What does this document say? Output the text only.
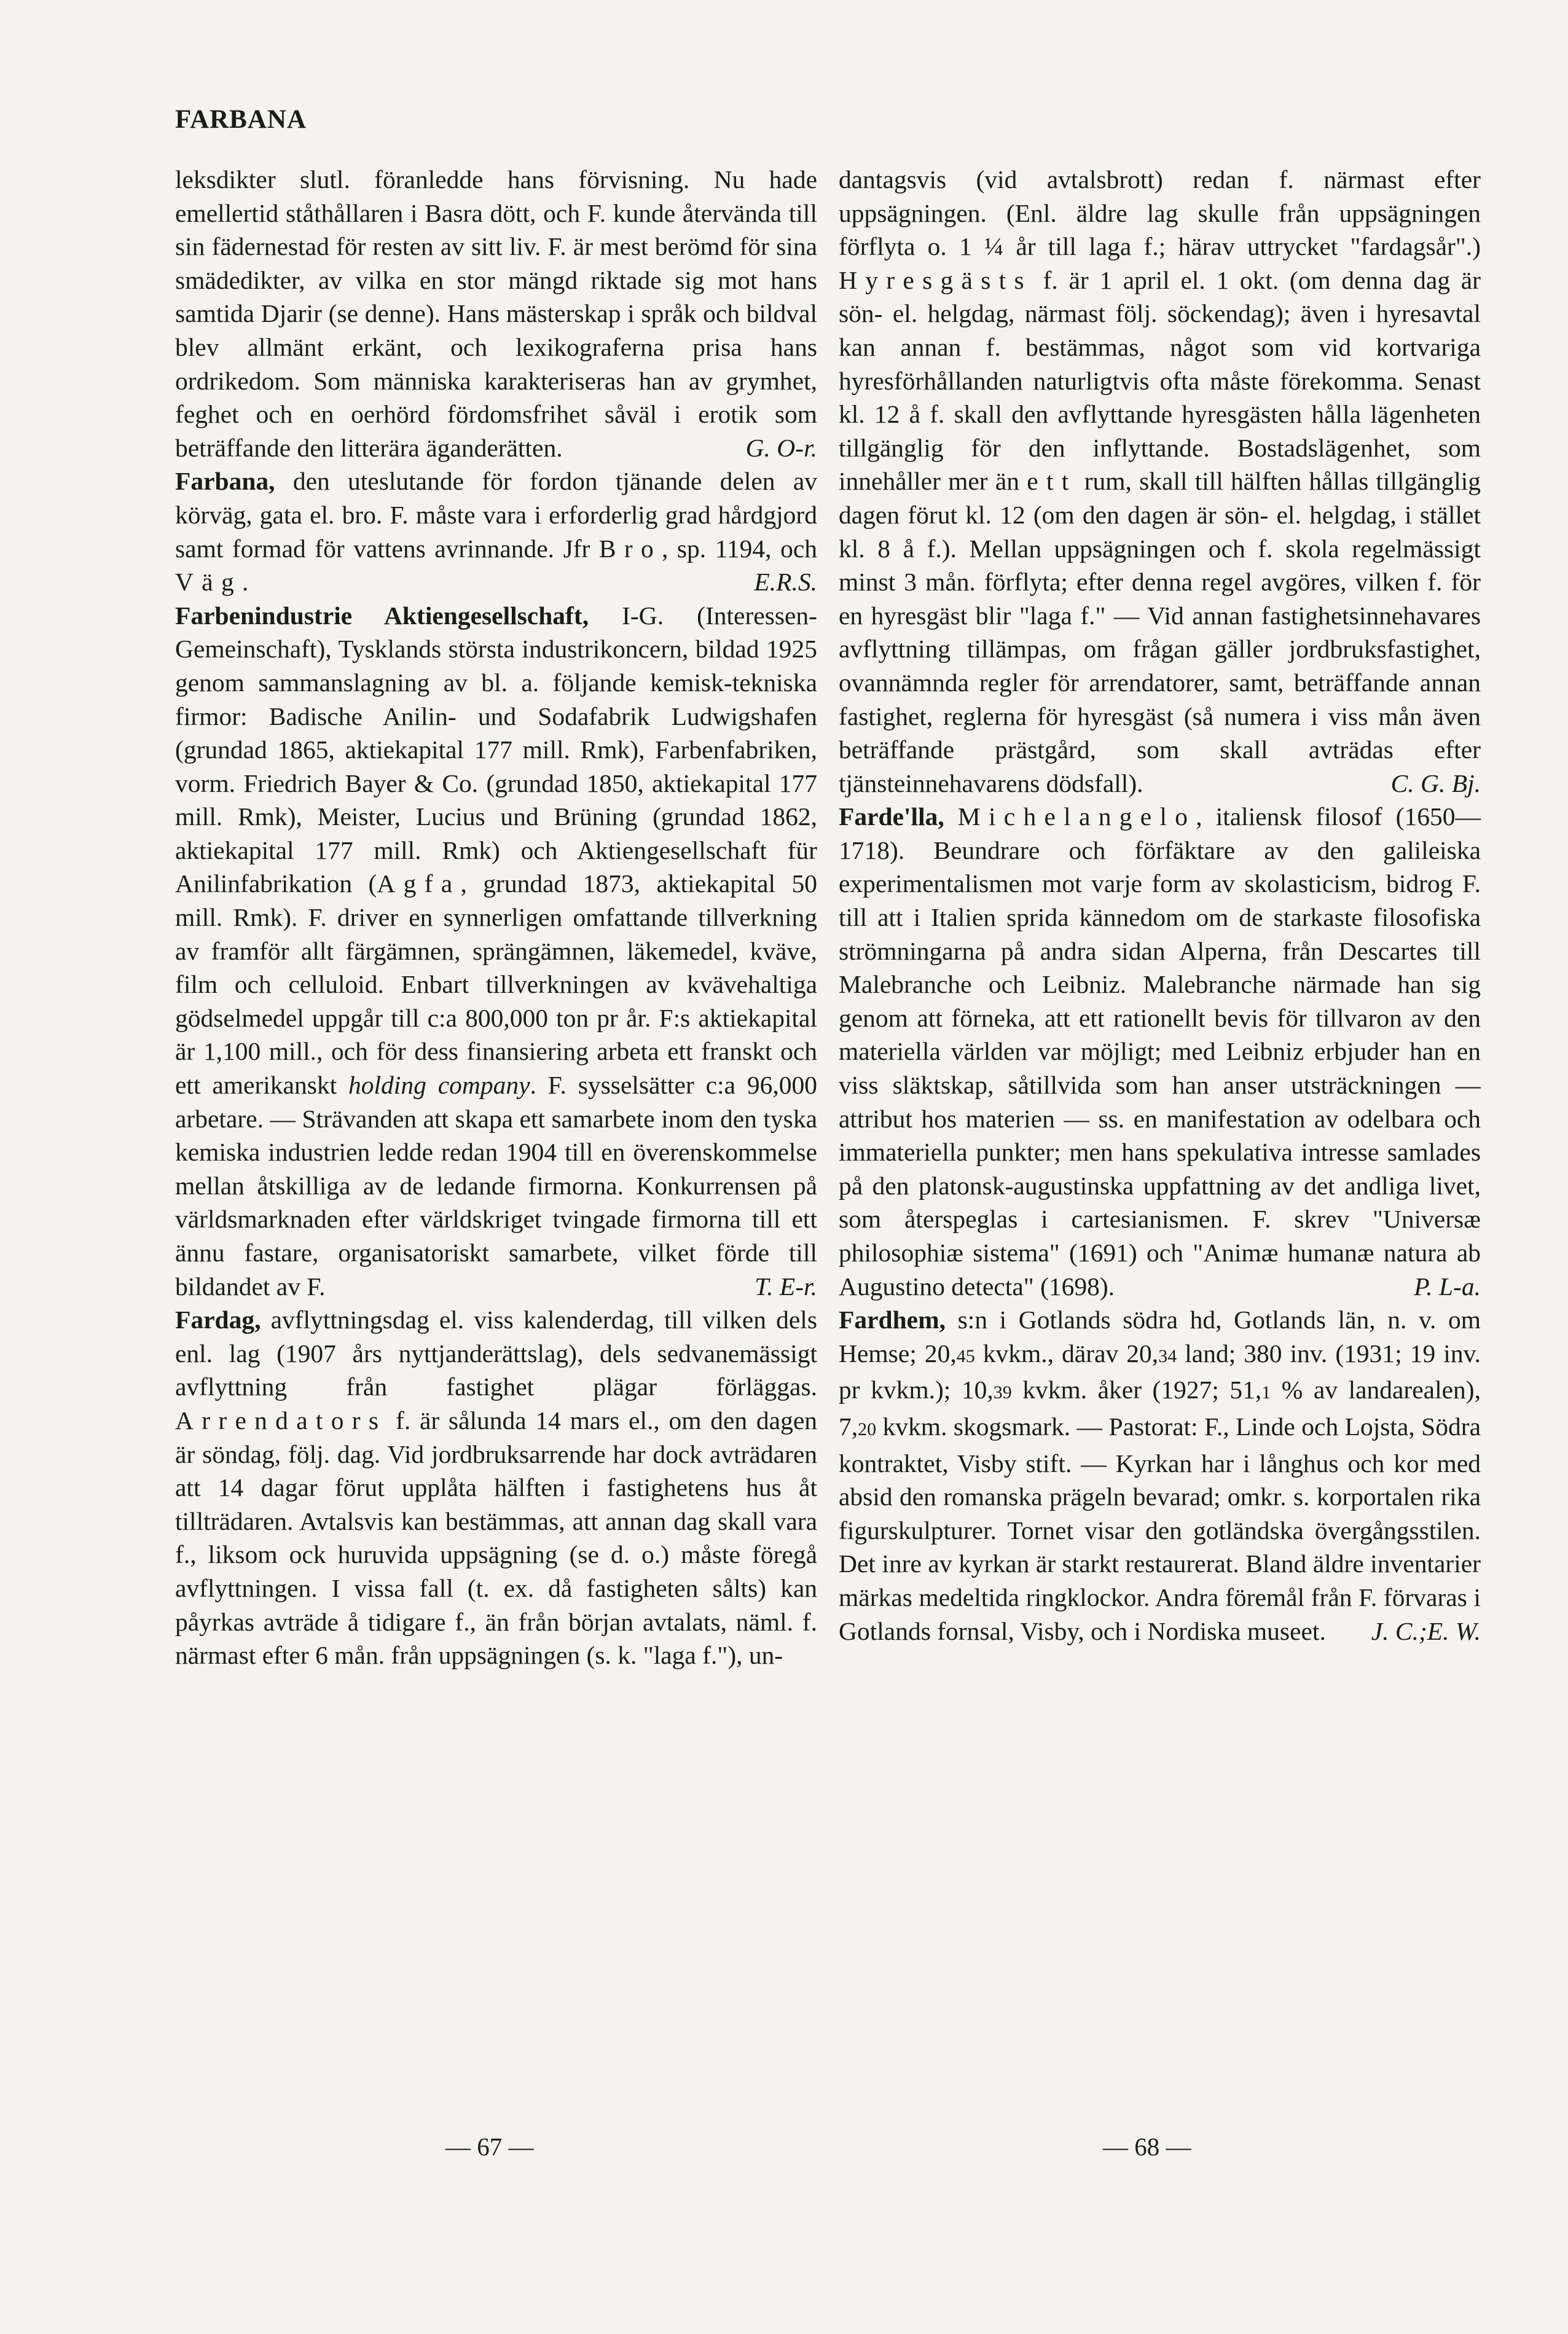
FARBANA

leksdikter slutl. föranledde hans förvisning. Nu hade emellertid ståthållaren i Basra dött, och F. kunde återvända till sin fädernestad för resten av sitt liv. F. är mest berömd för sina smädedikter, av vilka en stor mängd riktade sig mot hans samtida Djarir (se denne). Hans mästerskap i språk och bildval blev allmänt erkänt, och lexikograferna prisa hans ordrikedom. Som människa karakteriseras han av grymhet, feghet och en oerhörd fördomsfrihet såväl i erotik som beträffande den litterära äganderätten.	G. O-r.

Farbana, den uteslutande för fordon tjänande delen av körväg, gata el. bro. F. måste vara i erforderlig grad hårdgjord samt formad för vattens avrinnande. Jfr Bro, sp. 1194, och Väg.	E.R.S.

Farbenindustrie Aktiengesellschaft, I-G. (Interessen-Gemeinschaft), Tysklands största industrikoncern, bildad 1925 genom sammanslagning av bl. a. följande kemisk-tekniska firmor: Badische Anilin- und Sodafabrik Ludwigshafen (grundad 1865, aktiekapital 177 mill. Rmk), Farbenfabriken, vorm. Friedrich Bayer & Co. (grundad 1850, aktiekapital 177 mill. Rmk), Meister, Lucius und Brüning (grundad 1862, aktiekapital 177 mill. Rmk) och Aktiengesellschaft für Anilinfabrikation (Agfa, grundad 1873, aktiekapital 50 mill. Rmk). F. driver en synnerligen omfattande tillverkning av framför allt färgämnen, sprängämnen, läkemedel, kväve, film och celluloid. Enbart tillverkningen av kvävehaltiga gödselmedel uppgår till c:a 800,000 ton pr år. F:s aktiekapital är 1,100 mill., och för dess finansiering arbeta ett franskt och ett amerikanskt holding company. F. sysselsätter c:a 96,000 arbetare. — Strävanden att skapa ett samarbete inom den tyska kemiska industrien ledde redan 1904 till en överenskommelse mellan åtskilliga av de ledande firmorna. Konkurrensen på världsmarknaden efter världskriget tvingade firmorna till ett ännu fastare, organisatoriskt samarbete, vilket förde till bildandet av F.	T. E-r.

Fardag, avflyttningsdag el. viss kalenderdag, till vilken dels enl. lag (1907 års nyttjanderättslag), dels sedvanemässigt avflyttning från fastighet plägar förläggas. Arrendators f. är sålunda 14 mars el., om den dagen är söndag, följ. dag. Vid jordbruksarrende har dock avträdaren att 14 dagar förut upplåta hälften i fastighetens hus åt tillträdaren. Avtalsvis kan bestämmas, att annan dag skall vara f., liksom ock huruvida uppsägning (se d. o.) måste föregå avflyttningen. I vissa fall (t. ex. då fastigheten sålts) kan påyrkas avträde å tidigare f., än från början avtalats, näml. f. närmast efter 6 mån. från uppsägningen (s. k. "laga f."), un-

dantagsvis (vid avtalsbrott) redan f. närmast efter uppsägningen. (Enl. äldre lag skulle från uppsägningen förflyta o. 1 ¼ år till laga f.; härav uttrycket "fardagsår".) Hyresgästs f. är 1 april el. 1 okt. (om denna dag är sön- el. helgdag, närmast följ. söckendag); även i hyresavtal kan annan f. bestämmas, något som vid kortvariga hyresförhållanden naturligtvis ofta måste förekomma. Senast kl. 12 å f. skall den avflyttande hyresgästen hålla lägenheten tillgänglig för den inflyttande. Bostadslägenhet, som innehåller mer än ett rum, skall till hälften hållas tillgänglig dagen förut kl. 12 (om den dagen är sön- el. helgdag, i stället kl. 8 å f.). Mellan uppsägningen och f. skola regelmässigt minst 3 mån. förflyta; efter denna regel avgöres, vilken f. för en hyresgäst blir "laga f." — Vid annan fastighetsinnehavares avflyttning tillämpas, om frågan gäller jordbruksfastighet, ovannämnda regler för arrendatorer, samt, beträffande annan fastighet, reglerna för hyresgäst (så numera i viss mån även beträffande prästgård, som skall avträdas efter tjänsteinnehavarens dödsfall).	C. G. Bj.

Farde'lla, Michelangelo, italiensk filosof (1650—1718). Beundrare och förfäktare av den galileiska experimentalismen mot varje form av skolasticism, bidrog F. till att i Italien sprida kännedom om de starkaste filosofiska strömningarna på andra sidan Alperna, från Descartes till Malebranche och Leibniz. Malebranche närmade han sig genom att förneka, att ett rationellt bevis för tillvaron av den materiella världen var möjligt; med Leibniz erbjuder han en viss släktskap, såtillvida som han anser utsträckningen — attribut hos materien — ss. en manifestation av odelbara och immateriella punkter; men hans spekulativa intresse samlades på den platonsk-augustinska uppfattning av det andliga livet, som återspeglas i cartesianismen. F. skrev "Universæ philosophiæ sistema" (1691) och "Animæ humanæ natura ab Augustino detecta" (1698).	P. L-a.

Fardhem, s:n i Gotlands södra hd, Gotlands län, n. v. om Hemse; 20,45 kvkm., därav 20,34 land; 380 inv. (1931; 19 inv. pr kvkm.); 10,39 kvkm. åker (1927; 51,1 % av landarealen), 7,20 kvkm. skogsmark. — Pastorat: F., Linde och Lojsta, Södra kontraktet, Visby stift. — Kyrkan har i långhus och kor med absid den romanska prägeln bevarad; omkr. s. korportalen rika figurskulpturer. Tornet visar den gotländska övergångsstilen. Det inre av kyrkan är starkt restaurerat. Bland äldre inventarier märkas medeltida ringklockor. Andra föremål från F. förvaras i Gotlands fornsal, Visby, och i Nordiska museet. J. C.;E. W.

— 67 —	— 68 —
